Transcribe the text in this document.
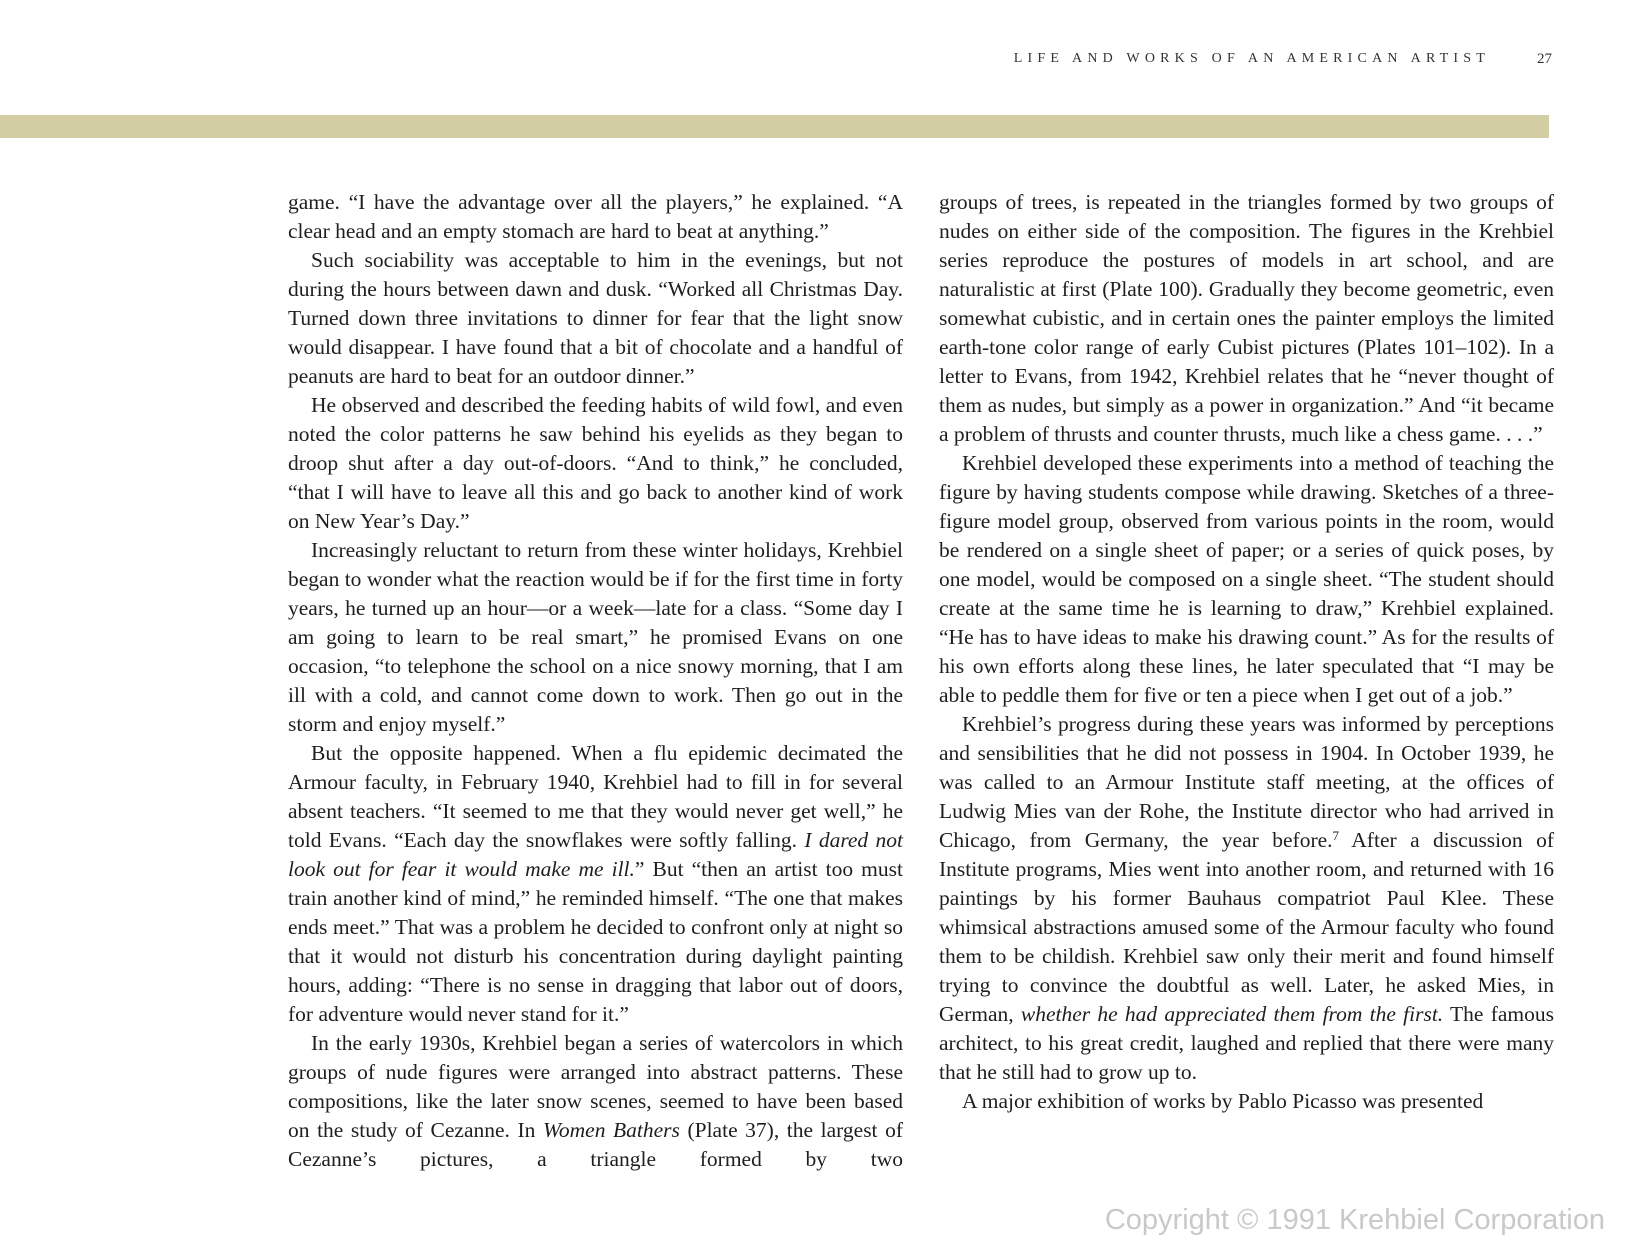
LIFE AND WORKS OF AN AMERICAN ARTIST	27

game. “I have the advantage over all the players,” he explained. “A clear head and an empty stomach are hard to beat at anything.”

Such sociability was acceptable to him in the evenings, but not during the hours between dawn and dusk. “Worked all Christmas Day. Turned down three invitations to dinner for fear that the light snow would disappear. I have found that a bit of chocolate and a handful of peanuts are hard to beat for an outdoor dinner.”

He observed and described the feeding habits of wild fowl, and even noted the color patterns he saw behind his eyelids as they began to droop shut after a day out-of-doors. “And to think,” he concluded, “that I will have to leave all this and go back to another kind of work on New Year’s Day.”

Increasingly reluctant to return from these winter holidays, Krehbiel began to wonder what the reaction would be if for the first time in forty years, he turned up an hour—or a week—late for a class. “Some day I am going to learn to be real smart,” he promised Evans on one occasion, “to telephone the school on a nice snowy morning, that I am ill with a cold, and cannot come down to work. Then go out in the storm and enjoy myself.”

But the opposite happened. When a flu epidemic decimated the Armour faculty, in February 1940, Krehbiel had to fill in for several absent teachers. “It seemed to me that they would never get well,” he told Evans. “Each day the snowflakes were softly falling. I dared not look out for fear it would make me ill.” But “then an artist too must train another kind of mind,” he reminded himself. “The one that makes ends meet.” That was a problem he decided to confront only at night so that it would not disturb his concentration during daylight painting hours, adding: “There is no sense in dragging that labor out of doors, for adventure would never stand for it.”

In the early 1930s, Krehbiel began a series of watercolors in which groups of nude figures were arranged into abstract patterns. These compositions, like the later snow scenes, seemed to have been based on the study of Cezanne. In Women Bathers (Plate 37), the largest of Cezanne’s pictures, a triangle formed by two

groups of trees, is repeated in the triangles formed by two groups of nudes on either side of the composition. The figures in the Krehbiel series reproduce the postures of models in art school, and are naturalistic at first (Plate 100). Gradually they become geometric, even somewhat cubistic, and in certain ones the painter employs the limited earth-tone color range of early Cubist pictures (Plates 101–102). In a letter to Evans, from 1942, Krehbiel relates that he “never thought of them as nudes, but simply as a power in organization.” And “it became a problem of thrusts and counter thrusts, much like a chess game. . . .”

Krehbiel developed these experiments into a method of teaching the figure by having students compose while drawing. Sketches of a three-figure model group, observed from various points in the room, would be rendered on a single sheet of paper; or a series of quick poses, by one model, would be composed on a single sheet. “The student should create at the same time he is learning to draw,” Krehbiel explained. “He has to have ideas to make his drawing count.” As for the results of his own efforts along these lines, he later speculated that “I may be able to peddle them for five or ten a piece when I get out of a job.”

Krehbiel’s progress during these years was informed by perceptions and sensibilities that he did not possess in 1904. In October 1939, he was called to an Armour Institute staff meeting, at the offices of Ludwig Mies van der Rohe, the Institute director who had arrived in Chicago, from Germany, the year before.$^7$ After a discussion of Institute programs, Mies went into another room, and returned with 16 paintings by his former Bauhaus compatriot Paul Klee. These whimsical abstractions amused some of the Armour faculty who found them to be childish. Krehbiel saw only their merit and found himself trying to convince the doubtful as well. Later, he asked Mies, in German, whether he had appreciated them from the first. The famous architect, to his great credit, laughed and replied that there were many that he still had to grow up to.

A major exhibition of works by Pablo Picasso was presented

Copyright © 1991 Krehbiel Corporation
